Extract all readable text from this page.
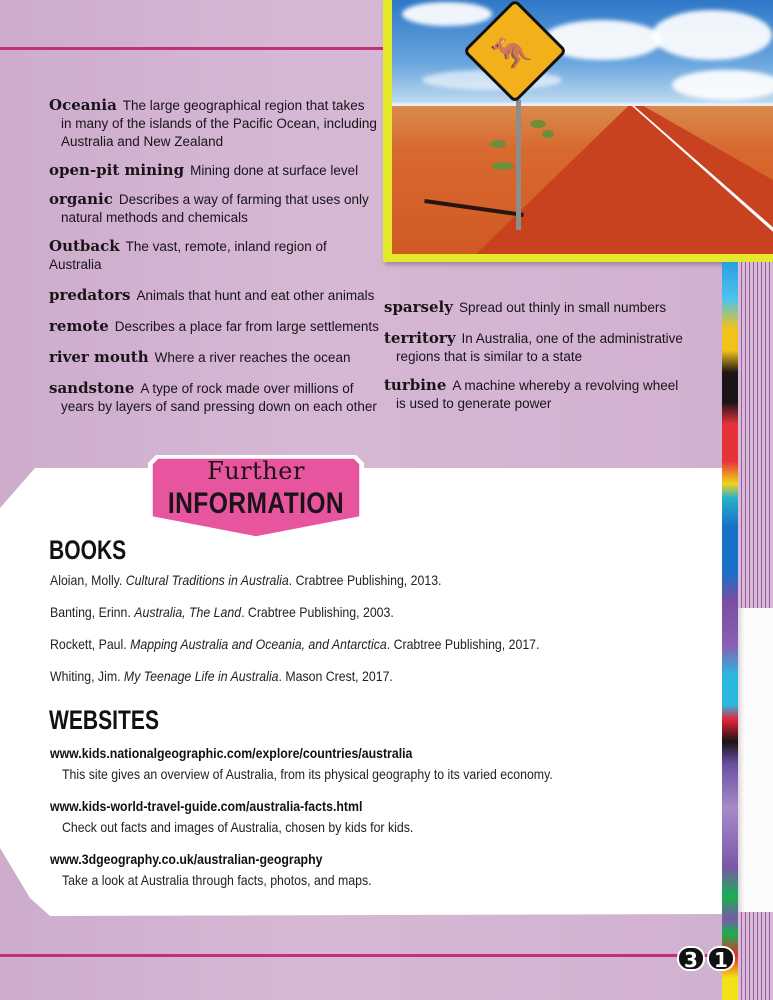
🦘
Oceania The large geographical region that takes
in many of the islands of the Pacific Ocean, including
Australia and New Zealand
open-pit mining Mining done at surface level
organic Describes a way of farming that uses only
natural methods and chemicals
Outback The vast, remote, inland region of Australia
predators Animals that hunt and eat other animals
remote Describes a place far from large settlements
river mouth Where a river reaches the ocean
sandstone A type of rock made over millions of
years by layers of sand pressing down on each other
sparsely Spread out thinly in small numbers
territory In Australia, one of the administrative
regions that is similar to a state
turbine A machine whereby a revolving wheel
is used to generate power
Further
INFORMATION
BOOKS
Aloian, Molly. Cultural Traditions in Australia. Crabtree Publishing, 2013.
Banting, Erinn. Australia, The Land. Crabtree Publishing, 2003.
Rockett, Paul. Mapping Australia and Oceania, and Antarctica. Crabtree Publishing, 2017.
Whiting, Jim. My Teenage Life in Australia. Mason Crest, 2017.
WEBSITES
www.kids.nationalgeographic.com/explore/countries/australia
This site gives an overview of Australia, from its physical geography to its varied economy.
www.kids-world-travel-guide.com/australia-facts.html
Check out facts and images of Australia, chosen by kids for kids.
www.3dgeography.co.uk/australian-geography
Take a look at Australia through facts, photos, and maps.
3 1
